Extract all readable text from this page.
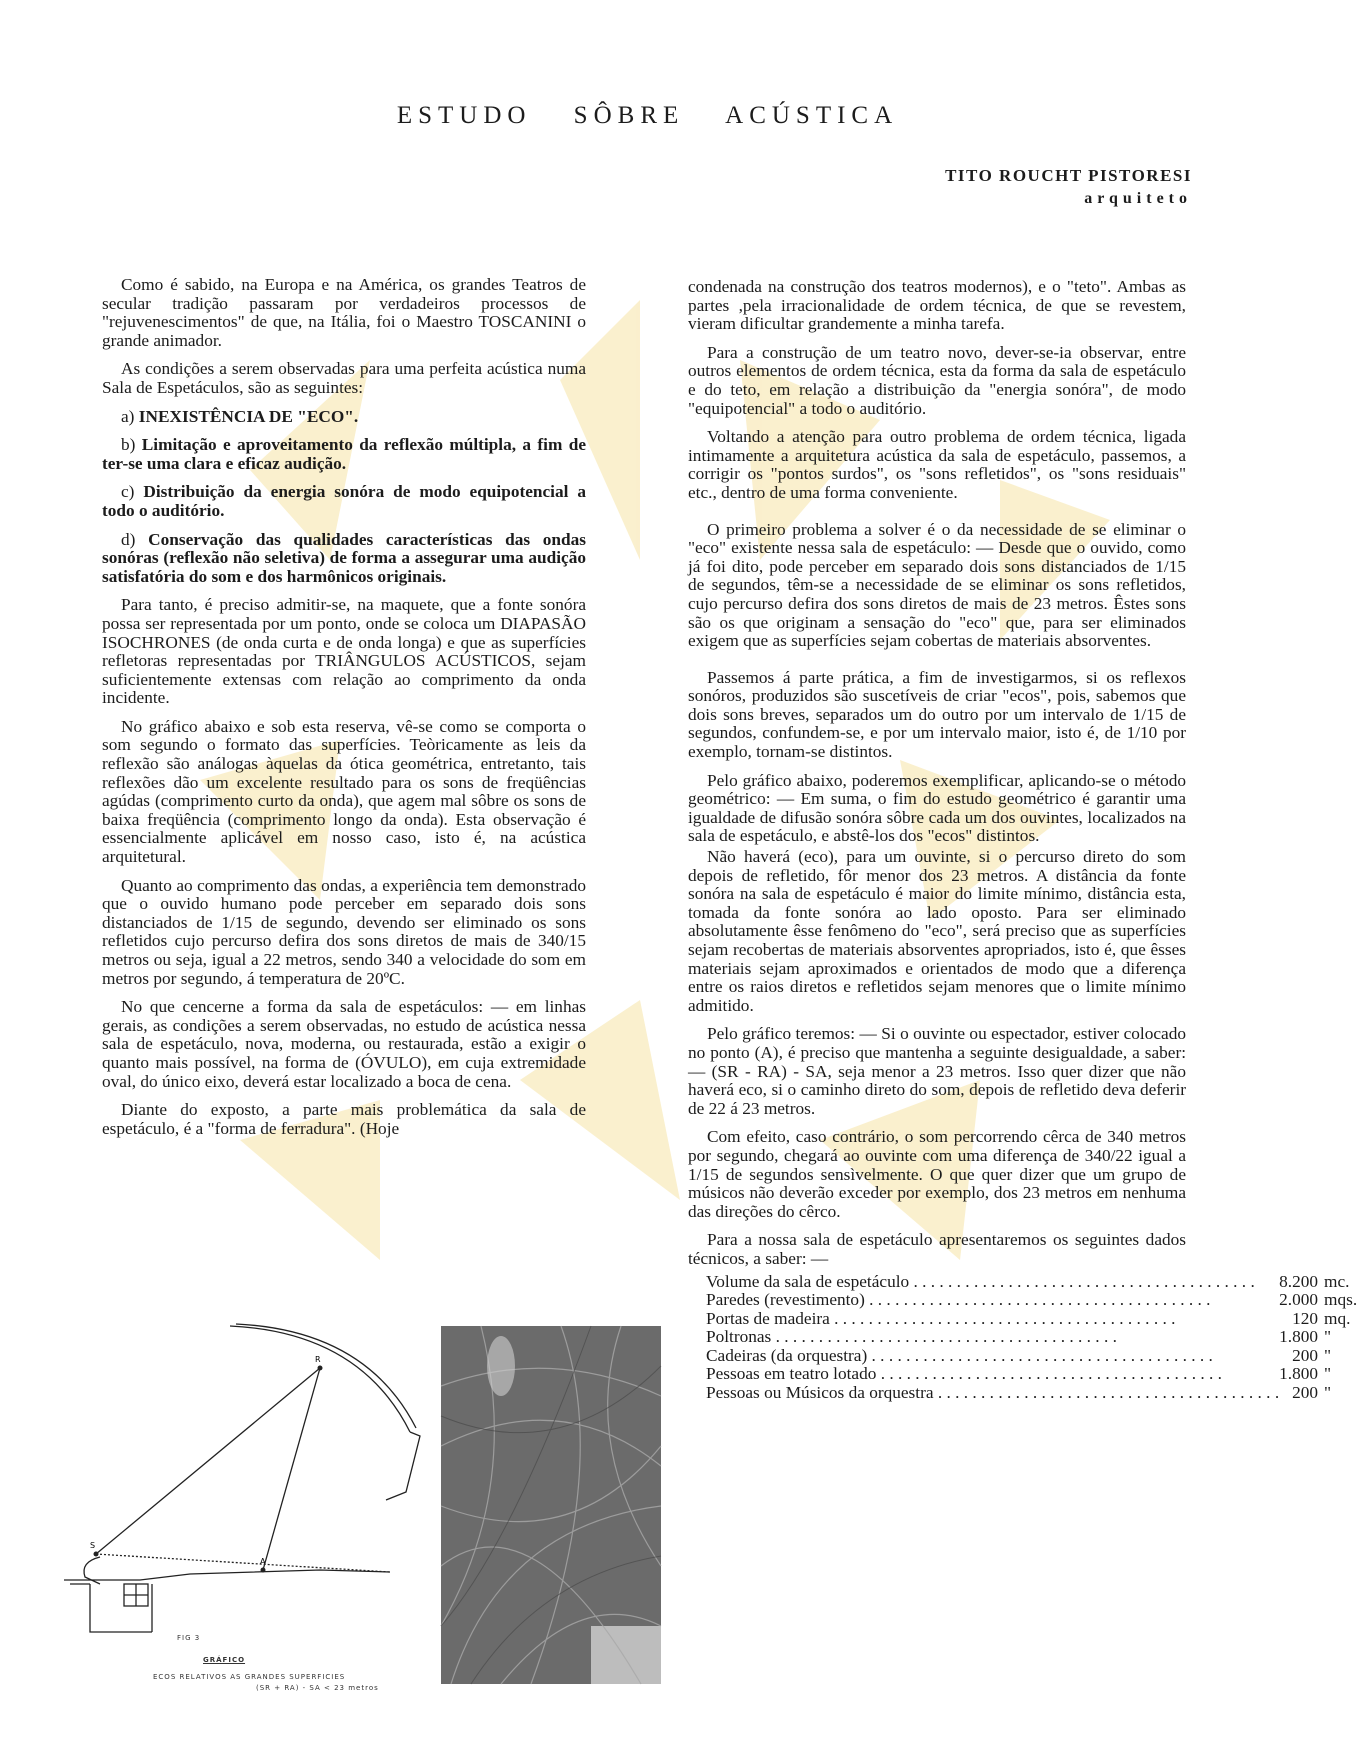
ESTUDO SÔBRE ACÚSTICA
TITO ROUCHT PISTORESI
arquiteto

Como é sabido, na Europa e na América, os grandes Teatros de secular tradição passaram por verdadeiros processos de "rejuvenescimentos" de que, na Itália, foi o Maestro TOSCANINI o grande animador.

As condições a serem observadas para uma perfeita acústica numa Sala de Espetáculos, são as seguintes:

a) INEXISTÊNCIA DE "ECO".

b) Limitação e aproveitamento da reflexão múltipla, a fim de ter-se uma clara e eficaz audição.

c) Distribuição da energia sonóra de modo equipotencial a todo o auditório.

d) Conservação das qualidades características das ondas sonóras (reflexão não seletiva) de forma a assegurar uma audição satisfatória do som e dos harmônicos originais.

Para tanto, é preciso admitir-se, na maquete, que a fonte sonóra possa ser representada por um ponto, onde se coloca um DIAPASÃO ISOCHRONES (de onda curta e de onda longa) e que as superfícies refletoras representadas por TRIÂNGULOS ACÚSTICOS, sejam suficientemente extensas com relação ao comprimento da onda incidente.

No gráfico abaixo e sob esta reserva, vê-se como se comporta o som segundo o formato das superfícies. Teòricamente as leis da reflexão são análogas àquelas da ótica geométrica, entretanto, tais reflexões dão um excelente resultado para os sons de freqüências agúdas (comprimento curto da onda), que agem mal sôbre os sons de baixa freqüência (comprimento longo da onda). Esta observação é essencialmente aplicável em nosso caso, isto é, na acústica arquitetural.

Quanto ao comprimento das ondas, a experiência tem demonstrado que o ouvido humano pode perceber em separado dois sons distanciados de 1/15 de segundo, devendo ser eliminado os sons refletidos cujo percurso defira dos sons diretos de mais de 340/15 metros ou seja, igual a 22 metros, sendo 340 a velocidade do som em metros por segundo, á temperatura de 20ºC.

No que cencerne a forma da sala de espetáculos: — em linhas gerais, as condições a serem observadas, no estudo de acústica nessa sala de espetáculo, nova, moderna, ou restaurada, estão a exigir o quanto mais possível, na forma de (ÓVULO), em cuja extremidade oval, do único eixo, deverá estar localizado a boca de cena.

Diante do exposto, a parte mais problemática da sala de espetáculo, é a "forma de ferradura". (Hoje

condenada na construção dos teatros modernos), e o "teto". Ambas as partes ,pela irracionalidade de ordem técnica, de que se revestem, vieram dificultar grandemente a minha tarefa.

Para a construção de um teatro novo, dever-se-ia observar, entre outros elementos de ordem técnica, esta da forma da sala de espetáculo e do teto, em relação a distribuição da "energia sonóra", de modo "equipotencial" a todo o auditório.

Voltando a atenção para outro problema de ordem técnica, ligada intimamente a arquitetura acústica da sala de espetáculo, passemos, a corrigir os "pontos surdos", os "sons refletidos", os "sons residuais" etc., dentro de uma forma conveniente.

O primeiro problema a solver é o da necessidade de se eliminar o "eco" existente nessa sala de espetáculo: — Desde que o ouvido, como já foi dito, pode perceber em separado dois sons distanciados de 1/15 de segundos, têm-se a necessidade de se eliminar os sons refletidos, cujo percurso defira dos sons diretos de mais de 23 metros. Êstes sons são os que originam a sensação do "eco" que, para ser eliminados exigem que as superfícies sejam cobertas de materiais absorventes.

Passemos á parte prática, a fim de investigarmos, si os reflexos sonóros, produzidos são suscetíveis de criar "ecos", pois, sabemos que dois sons breves, separados um do outro por um intervalo de 1/15 de segundos, confundem-se, e por um intervalo maior, isto é, de 1/10 por exemplo, tornam-se distintos.

Pelo gráfico abaixo, poderemos exemplificar, aplicando-se o método geométrico: — Em suma, o fim do estudo geométrico é garantir uma igualdade de difusão sonóra sôbre cada um dos ouvintes, localizados na sala de espetáculo, e abstê-los dos "ecos" distintos.

Não haverá (eco), para um ouvinte, si o percurso direto do som depois de refletido, fôr menor dos 23 metros. A distância da fonte sonóra na sala de espetáculo é maior do limite mínimo, distância esta, tomada da fonte sonóra ao lado oposto. Para ser eliminado absolutamente êsse fenômeno do "eco", será preciso que as superfícies sejam recobertas de materiais absorventes apropriados, isto é, que êsses materiais sejam aproximados e orientados de modo que a diferença entre os raios diretos e refletidos sejam menores que o limite mínimo admitido.

Pelo gráfico teremos: — Si o ouvinte ou espectador, estiver colocado no ponto (A), é preciso que mantenha a seguinte desigualdade, a saber: — (SR - RA) - SA, seja menor a 23 metros. Isso quer dizer que não haverá eco, si o caminho direto do som, depois de refletido deva deferir de 22 á 23 metros.

Com efeito, caso contrário, o som percorrendo cêrca de 340 metros por segundo, chegará ao ouvinte com uma diferença de 340/22 igual a 1/15 de segundos sensìvelmente. O que quer dizer que um grupo de músicos não deverão exceder por exemplo, dos 23 metros em nenhuma das direções do cêrco.

Para a nossa sala de espetáculo apresentaremos os seguintes dados técnicos, a saber: —

Volume da sala de espetáculo . . . . . . . . . . . . . . . . . . . . . . . . . . . . . . . . . . . . . . . .	8.200	mc.
Paredes (revestimento) . . . . . . . . . . . . . . . . . . . . . . . . . . . . . . . . . . . . . . . .	2.000	mqs.
Portas de madeira . . . . . . . . . . . . . . . . . . . . . . . . . . . . . . . . . . . . . . . .	120	mq.
Poltronas . . . . . . . . . . . . . . . . . . . . . . . . . . . . . . . . . . . . . . . .	1.800	"
Cadeiras (da orquestra) . . . . . . . . . . . . . . . . . . . . . . . . . . . . . . . . . . . . . . . .	200	"
Pessoas em teatro lotado . . . . . . . . . . . . . . . . . . . . . . . . . . . . . . . . . . . . . . . .	1.800	"
Pessoas ou Músicos da orquestra . . . . . . . . . . . . . . . . . . . . . . . . . . . . . . . . . . . . . . . .	200	"
R
S
A
FIG 3
GRÁFICO
ECOS RELATIVOS AS GRANDES SUPERFICIES
(SR + RA) - SA < 23 metros
